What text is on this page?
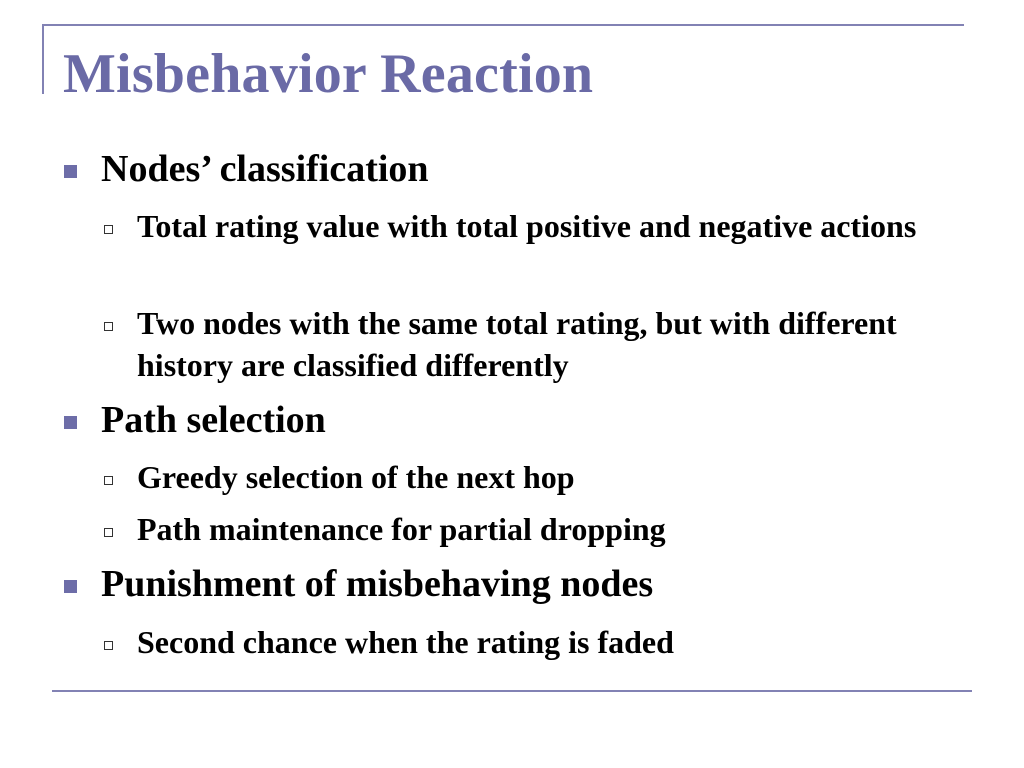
Misbehavior Reaction
Nodes’ classification
Total rating value with total positive and negative actions
Two nodes with the same total rating, but with different history are classified differently
Path selection
Greedy selection of the next hop
Path maintenance for partial dropping
Punishment of misbehaving nodes
Second chance when the rating is faded
